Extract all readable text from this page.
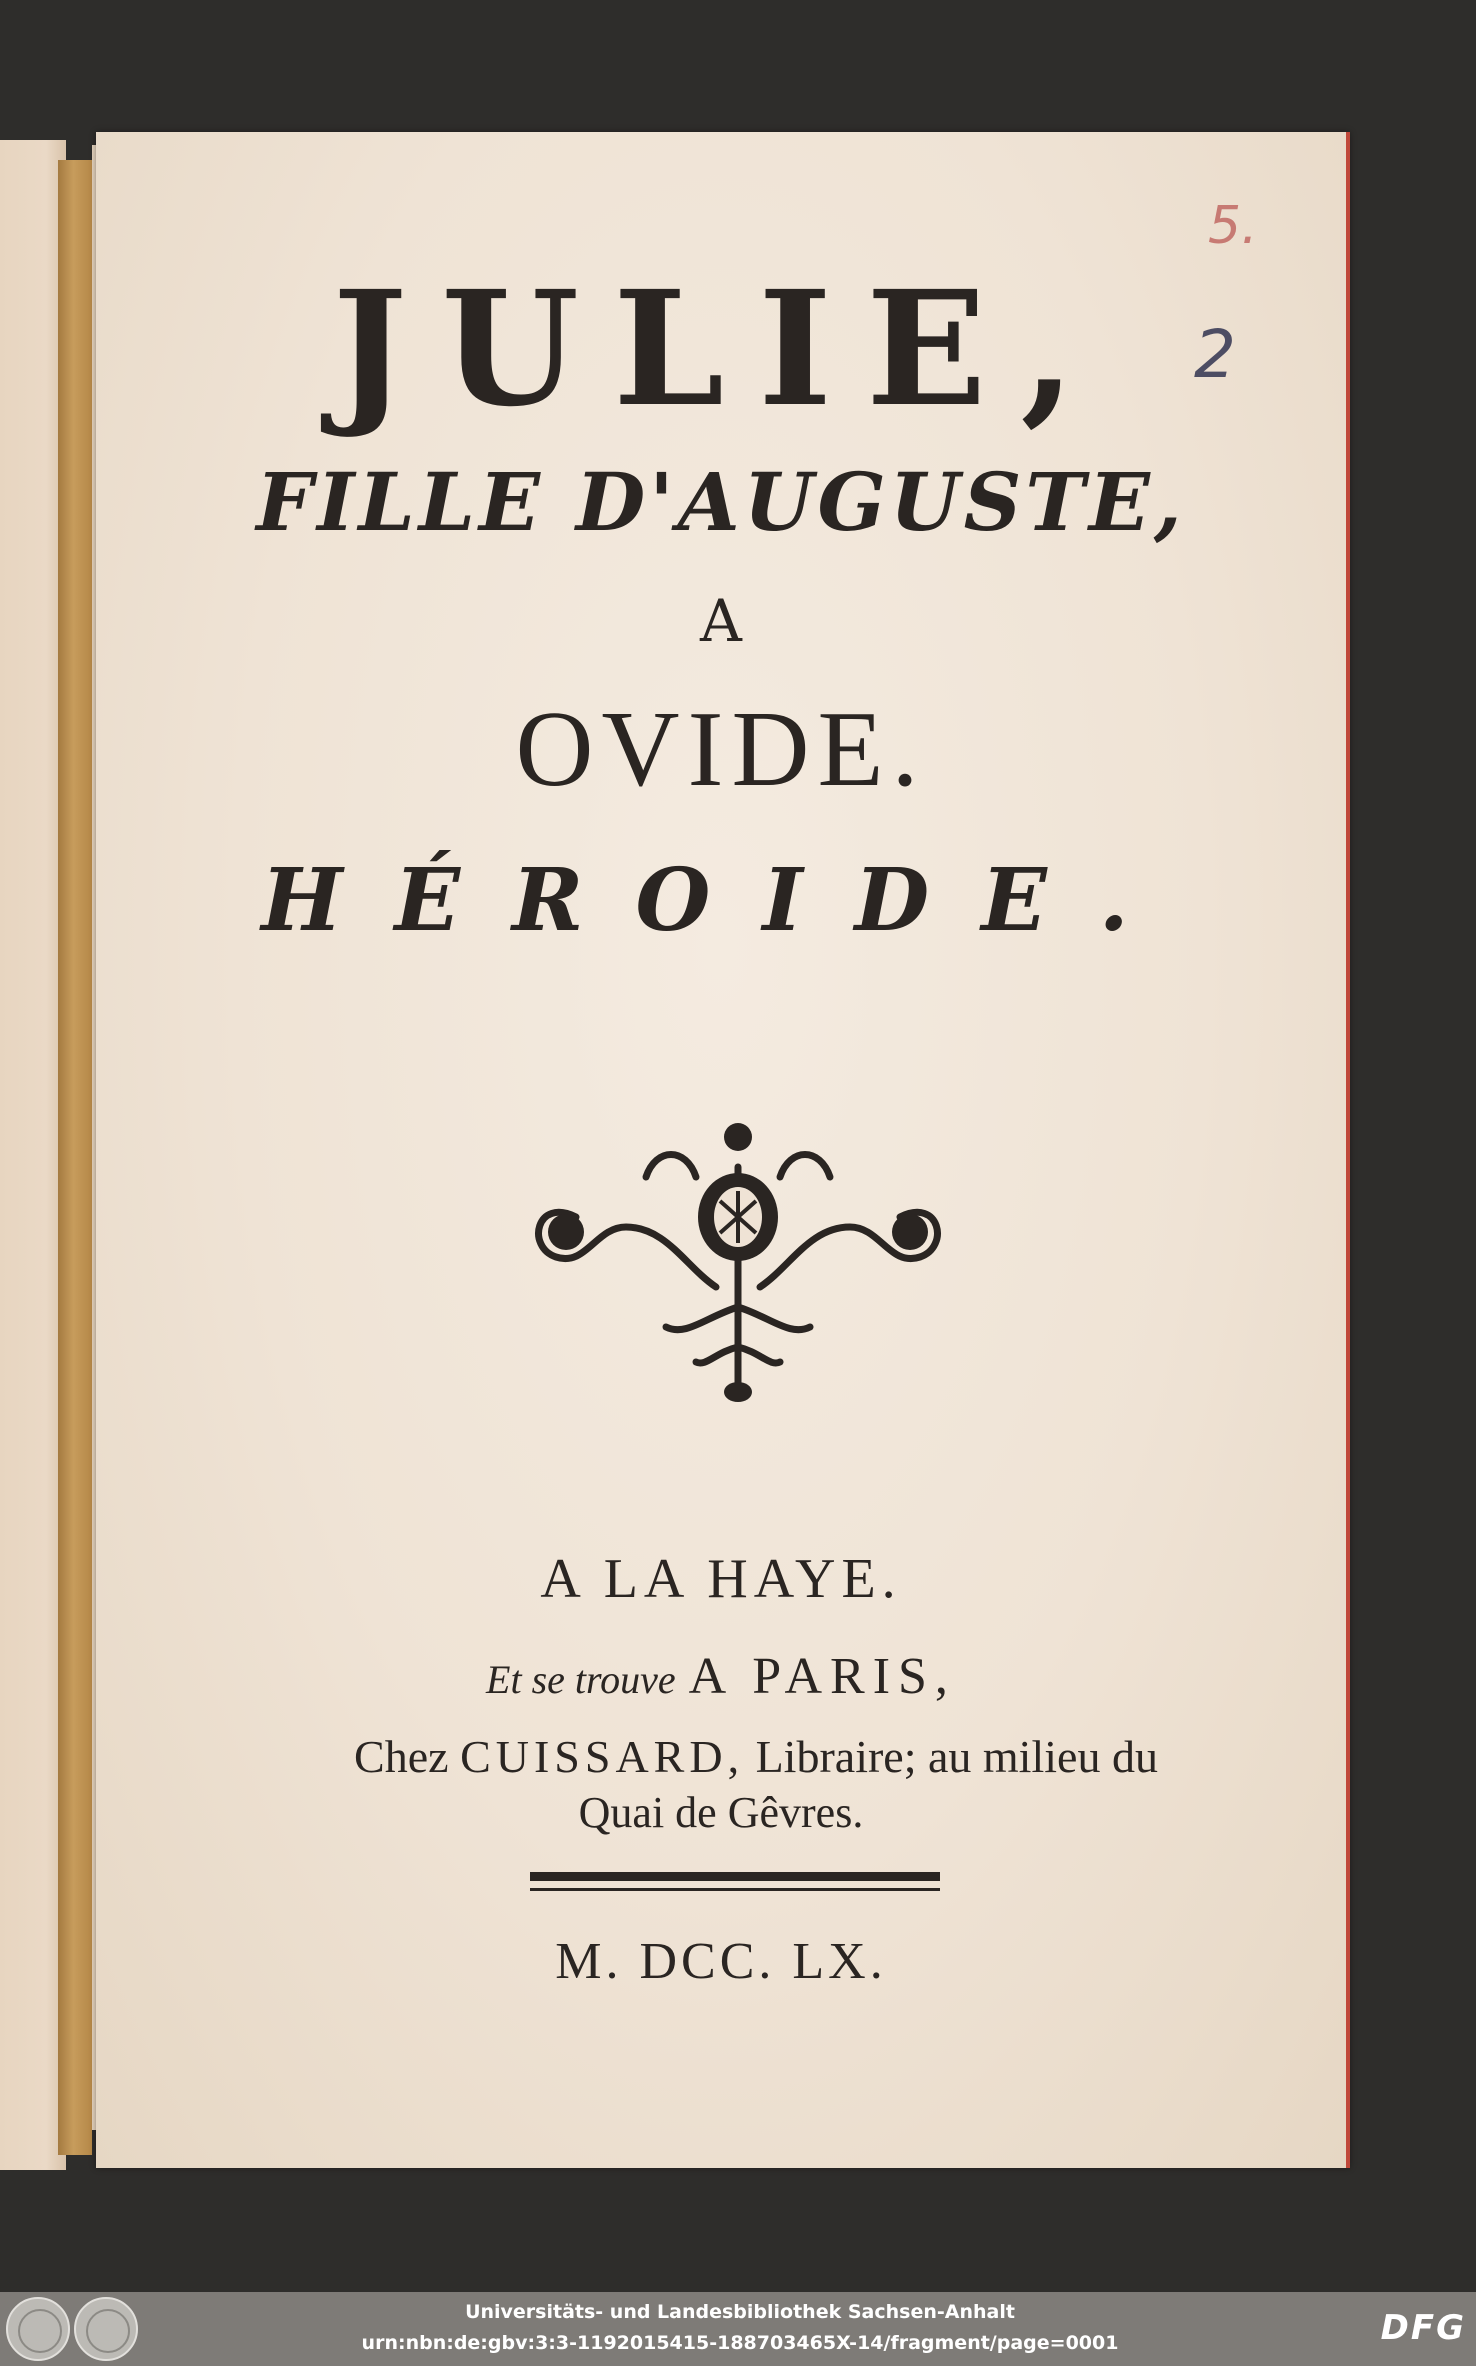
5.

2

JULIE,

FILLE D'AUGUSTE,

A

OVIDE.

HÉROIDE.

A LA HAYE.

Et se trouve A PARIS,

Chez CUISSARD, Libraire; au milieu du

Quai de Gêvres.

M. DCC. LX.

Universitäts- und Landesbibliothek Sachsen-Anhalt

urn:nbn:de:gbv:3:3-1192015415-188703465X-14/fragment/page=0001	DFG
